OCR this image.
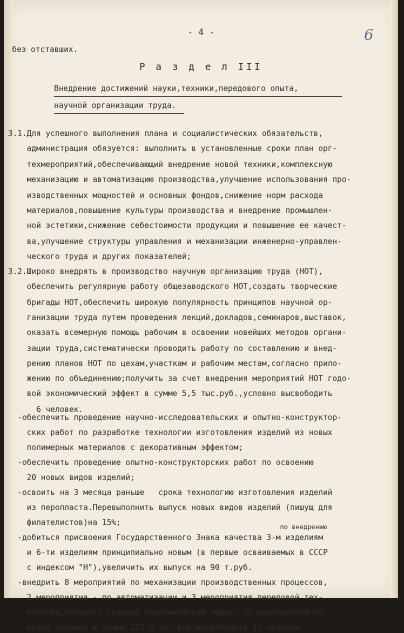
- 4 -	6
без отставших.
Р а з д е л III
Внедрение достижений науки,техники,передового опыта,
научной организации труда.
3.1.Для успешного выполнения плана и социалистических обязательств,
администрация обязуется: выполнить в установленные сроки план орг-
техмероприятий,обеспечивающий внедрение новой техники,комплексную
механизацию и автоматизацию производства,улучшение использования про-
изводственных мощностей и основных фондов,снижение норм расхода
материалов,повышение культуры производства и внедрение промышлен-
ной эстетики,снижение себестоимости продукции и повышение ее качест-
ва,улучшение структуры управления и механизации инженерно-управлен-
ческого труда и других показателей;
3.2.Широко внедрять в производство научную организацию труда (НОТ),
обеспечить регулярную работу общезаводского НОТ,создать творческие
бригады НОТ,обеспечить широкую популярность принципов научной ор-
ганизации труда путем проведения лекций,докладов,семинаров,выставок,
оказать всемерную помощь рабочим в освоении новейших методов органи-
зации труда,систематически проводить работу по составлению и внед-
рению планов НОТ по цехам,участкам и рабочим местам,согласно прило-
жению по объединению;получить за счет внедрения мероприятий НОТ годо-
вой экономический эффект в сумме 5,5 тыс.руб.,условно высвободить
6 человек.
-обеспечить проведение научно-исследовательских и опытно-конструктор-
ских работ по разработке технологии изготовления изделий из новых
полимерных материалов с декоративным эффектом;
-обеспечить проведение опытно-конструкторских работ по освоению
20 новых видов изделий;
-освоить на 3 месяца раньше   срока технологию изготовления изделий
из перопласта.Перевыполнить выпуск новых видов изделий (пишущ для
филателистов)на 15%;
-добиться присвоения Государственного Знака качества 3-м изделиям
и 6-ти изделиям принципиально новым (в первые осваиваемых в СССР
с индексом "Н"),увеличить их выпуск на 90 т.руб.
-внедрить 8 мероприятий по механизации производственных процессов,
2 мероприятия - по автоматизации и 3 мероприятия передовой тех-
нологии,получить годовой экономический эффект от мероприятий по
новой технике в сумме 121,4 тыс.руб.высвободить 13 человек.
по внедрению
